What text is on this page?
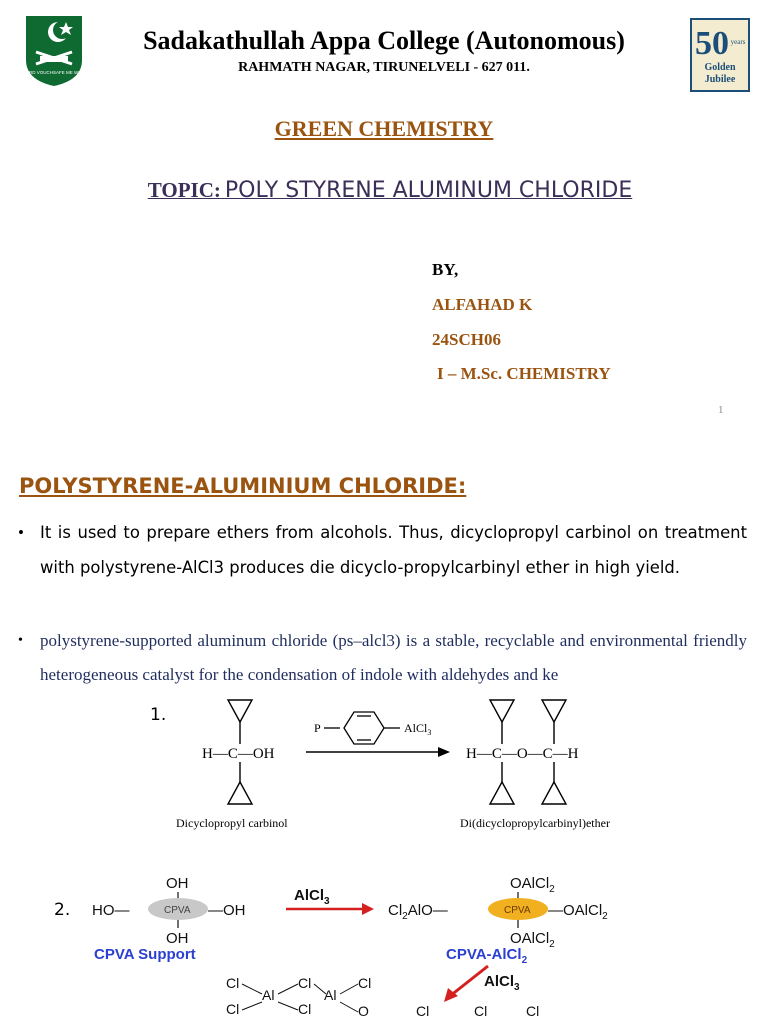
MY LORD VOUCHSAFE ME WISDOM
Sadakathullah Appa College (Autonomous)
RAHMATH NAGAR, TIRUNELVELI - 627 011.
50 years
Golden
Jubilee
GREEN CHEMISTRY
TOPIC: POLY STYRENE ALUMINUM CHLORIDE
BY,
ALFAHAD K
24SCH06
I – M.Sc. CHEMISTRY
1
POLYSTYRENE-ALUMINIUM CHLORIDE:
• It is used to prepare ethers from alcohols. Thus, dicyclopropyl carbinol on treatment with polystyrene-AlCl3 produces die dicyclo-propylcarbinyl ether in high yield.
• polystyrene-supported aluminum chloride (ps–alcl3) is a stable, recyclable and environmental friendly heterogeneous catalyst for the condensation of indole with aldehydes and ke
H—C—OH
Dicyclopropyl carbinol
P	AlCl$_3$
H—C—O—C—H
Di(dicyclopropylcarbinyl)ether
1.
2.
OH
CPVA
HO—	—OH
OH
CPVA Support
AlCl$_3$
OAlCl$_2$
CPVA
$Cl_2AlO—$	—OAlCl$_2$
OAlCl$_2$
CPVA-AlCl$_2$
AlCl$_3$
Cl	Cl	Cl
Al	Al
Cl	Cl	O	Cl	Cl	Cl
